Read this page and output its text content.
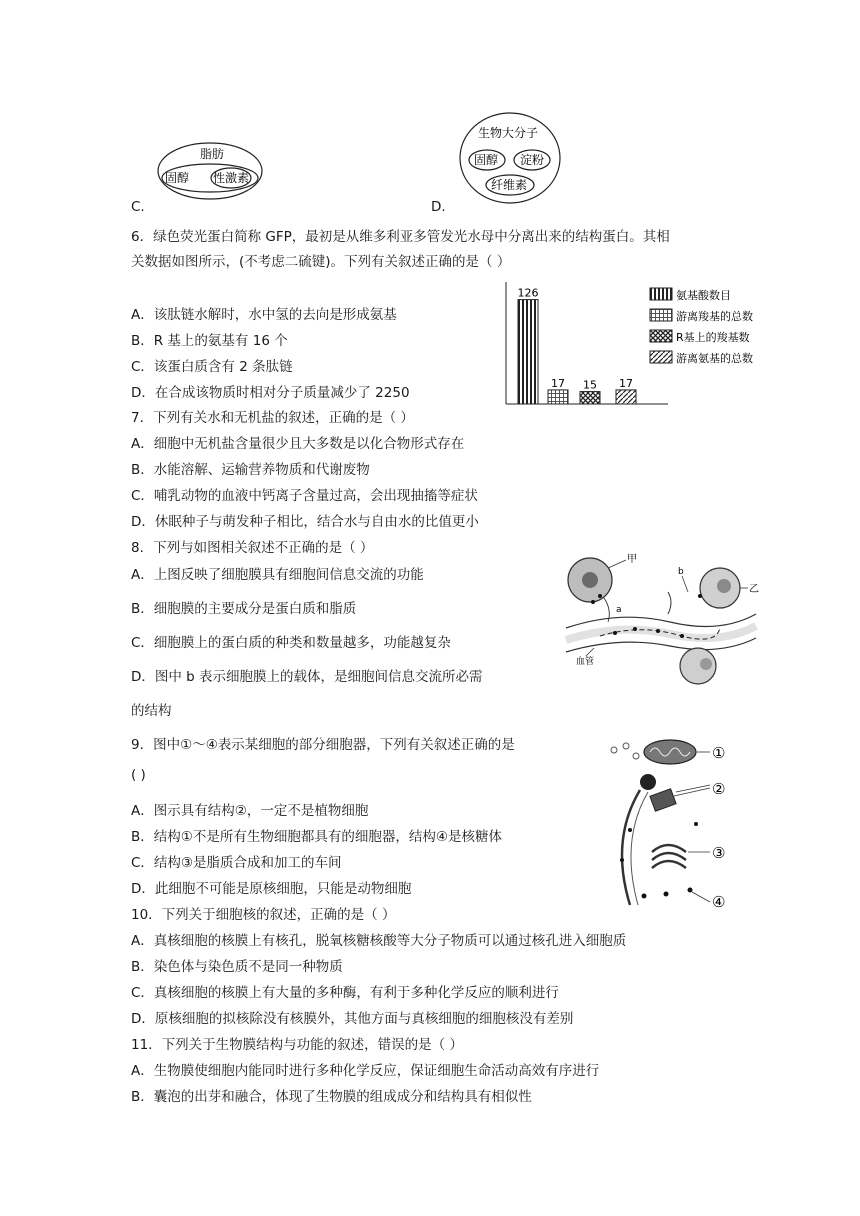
脂肪
固醇 性激素
C.
生物大分子
固醇 淀粉
纤维素
D.
6．绿色荧光蛋白简称 GFP，最初是从维多利亚多管发光水母中分离出来的结构蛋白。其相
关数据如图所示，(不考虑二硫键)。下列有关叙述正确的是（ ）
A．该肽链水解时，水中氢的去向是形成氨基
B．R 基上的氨基有 16 个
C．该蛋白质含有 2 条肽链
D．在合成该物质时相对分子质量减少了 2250
126
17 15 17
氨基酸数目
游离羧基的总数
R基上的羧基数
游离氨基的总数
7．下列有关水和无机盐的叙述，正确的是（ ）
A．细胞中无机盐含量很少且大多数是以化合物形式存在
B．水能溶解、运输营养物质和代谢废物
C．哺乳动物的血液中钙离子含量过高，会出现抽搐等症状
D．休眠种子与萌发种子相比，结合水与自由水的比值更小
8．下列与如图相关叙述不正确的是（ ）
A．上图反映了细胞膜具有细胞间信息交流的功能
B．细胞膜的主要成分是蛋白质和脂质
C．细胞膜上的蛋白质的种类和数量越多，功能越复杂
D．图中 b 表示细胞膜上的载体，是细胞间信息交流所必需
的结构
甲
a
乙
b
血管
9．图中①～④表示某细胞的部分细胞器，下列有关叙述正确的是
( )
A．图示具有结构②，一定不是植物细胞
B．结构①不是所有生物细胞都具有的细胞器，结构④是核糖体
C．结构③是脂质合成和加工的车间
D．此细胞不可能是原核细胞，只能是动物细胞
①
②
③
④
10．下列关于细胞核的叙述，正确的是（ ）
A．真核细胞的核膜上有核孔，脱氧核糖核酸等大分子物质可以通过核孔进入细胞质
B．染色体与染色质不是同一种物质
C．真核细胞的核膜上有大量的多种酶，有利于多种化学反应的顺利进行
D．原核细胞的拟核除没有核膜外，其他方面与真核细胞的细胞核没有差别
11．下列关于生物膜结构与功能的叙述，错误的是（ ）
A．生物膜使细胞内能同时进行多种化学反应，保证细胞生命活动高效有序进行
B．囊泡的出芽和融合，体现了生物膜的组成成分和结构具有相似性
